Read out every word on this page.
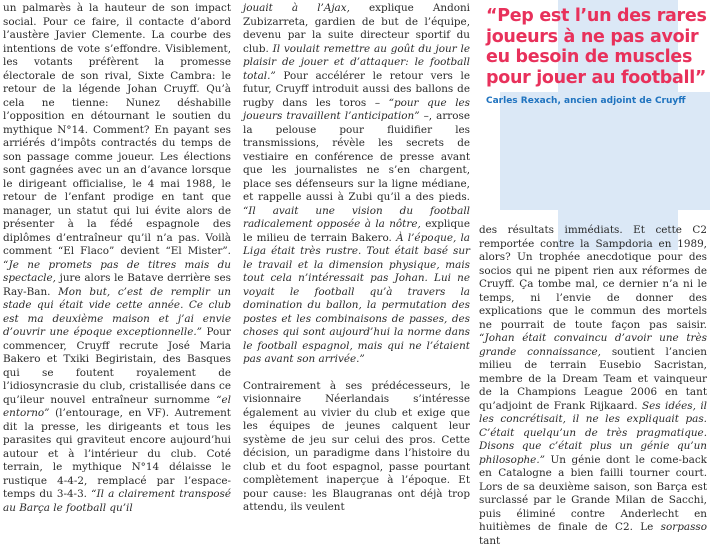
un palmarès à la hauteur de son impact social. Pour ce faire, il contacte d’abord l’austère Javier Clemente. La courbe des intentions de vote s’effondre. Visiblement, les votants préfèrent la promesse électorale de son rival, Sixte Cambra: le retour de la légende Johan Cruyff. Qu’à cela ne tienne: Nunez déshabille l’opposition en détournant le soutien du mythique N°14. Comment? En payant ses arriérés d’impôts contractés du temps de son passage comme joueur. Les élections sont gagnées avec un an d’avance lorsque le dirigeant officialise, le 4 mai 1988, le retour de l’enfant prodige en tant que manager, un statut qui lui évite alors de présenter à la fédé espagnole des diplômes d’entraîneur qu’il n’a pas. Voilà comment “El Flaco” devient “El Mister”. “Je ne promets pas de titres mais du spectacle, jure alors le Batave derrière ses Ray-Ban. Mon but, c’est de remplir un stade qui était vide cette année. Ce club est ma deuxième maison et j’ai envie d’ouvrir une époque exceptionnelle.” Pour commencer, Cruyff recrute José Maria Bakero et Txiki Begiristain, des Basques qui se foutent royalement de l’idiosyncrasie du club, cristallisée dans ce qu’ileur nouvel entraîneur surnomme “el entorno” (l’entourage, en VF). Autrement dit la presse, les dirigeants et tous les parasites qui graviteut encore aujourd’hui autour et à l’intérieur du club. Coté terrain, le mythique N°14 délaisse le rustique 4-4-2, remplacé par l’espace-temps du 3-4-3. “Il a clairement transposé au Barça le football qu’il

jouait à l’Ajax, explique Andoni Zubizarreta, gardien de but de l’équipe, devenu par la suite directeur sportif du club. Il voulait remettre au goût du jour le plaisir de jouer et d’attaquer: le football total.” Pour accélérer le retour vers le futur, Cruyff introduit aussi des ballons de rugby dans les toros – “pour que les joueurs travaillent l’anticipation” –, arrose la pelouse pour fluidifier les transmissions, révèle les secrets de vestiaire en conférence de presse avant que les journalistes ne s’en chargent, place ses défenseurs sur la ligne médiane, et rappelle aussi à Zubi qu’il a des pieds. “Il avait une vision du football radicalement opposée à la nôtre, explique le milieu de terrain Bakero. À l’époque, la Liga était très rustre. Tout était basé sur le travail et la dimension physique, mais tout cela n’intéressait pas Johan. Lui ne voyait le football qu’à travers la domination du ballon, la permutation des postes et les combinaisons de passes, des choses qui sont aujourd’hui la norme dans le football espagnol, mais qui ne l’étaient pas avant son arrivée.”

Contrairement à ses prédécesseurs, le visionnaire Néerlandais s’intéresse également au vivier du club et exige que les équipes de jeunes calquent leur système de jeu sur celui des pros. Cette décision, un paradigme dans l’histoire du club et du foot espagnol, passe pourtant complètement inaperçue à l’époque. Et pour cause: les Blaugranas ont déjà trop attendu, ils veulent

“Pep est l’un des rares joueurs à ne pas avoir eu besoin de muscles pour jouer au football”
Carles Rexach, ancien adjoint de Cruyff

des résultats immédiats. Et cette C2 remportée contre la Sampdoria en 1989, alors? Un trophée anecdotique pour des socios qui ne pipent rien aux réformes de Cruyff. Ça tombe mal, ce dernier n’a ni le temps, ni l’envie de donner des explications que le commun des mortels ne pourrait de toute façon pas saisir. “Johan était convaincu d’avoir une très grande connaissance, soutient l’ancien milieu de terrain Eusebio Sacristan, membre de la Dream Team et vainqueur de la Champions League 2006 en tant qu’adjoint de Frank Rijkaard. Ses idées, il les concrétisait, il ne les expliquait pas. C’était quelqu’un de très pragmatique. Disons que c’était plus un génie qu’un philosophe.” Un génie dont le come-back en Catalogne a bien failli tourner court. Lors de sa deuxième saison, son Barça est surclassé par le Grande Milan de Sacchi, puis éliminé contre Anderlecht en huitièmes de finale de C2. Le sorpasso tant
